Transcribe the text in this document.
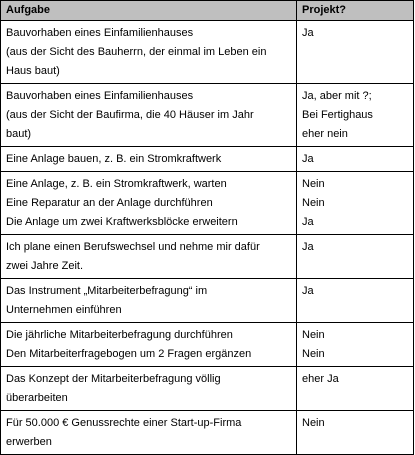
Aufgabe	Projekt?

Bauvorhaben eines Einfamilienhauses
(aus der Sicht des Bauherrn, der einmal im Leben ein
Haus baut)	Ja

Bauvorhaben eines Einfamilienhauses
(aus der Sicht der Baufirma, die 40 Häuser im Jahr
baut)	Ja, aber mit ?;
Bei Fertighaus
eher nein

Eine Anlage bauen, z. B. ein Stromkraftwerk	Ja

Eine Anlage, z. B. ein Stromkraftwerk, warten
Eine Reparatur an der Anlage durchführen
Die Anlage um zwei Kraftwerksblöcke erweitern	Nein
Nein
Ja

Ich plane einen Berufswechsel und nehme mir dafür
zwei Jahre Zeit.	Ja

Das Instrument „Mitarbeiterbefragung“ im
Unternehmen einführen	Ja

Die jährliche Mitarbeiterbefragung durchführen
Den Mitarbeiterfragebogen um 2 Fragen ergänzen	Nein
Nein

Das Konzept der Mitarbeiterbefragung völlig
überarbeiten	eher Ja

Für 50.000 € Genussrechte einer Start-up-Firma
erwerben	Nein
